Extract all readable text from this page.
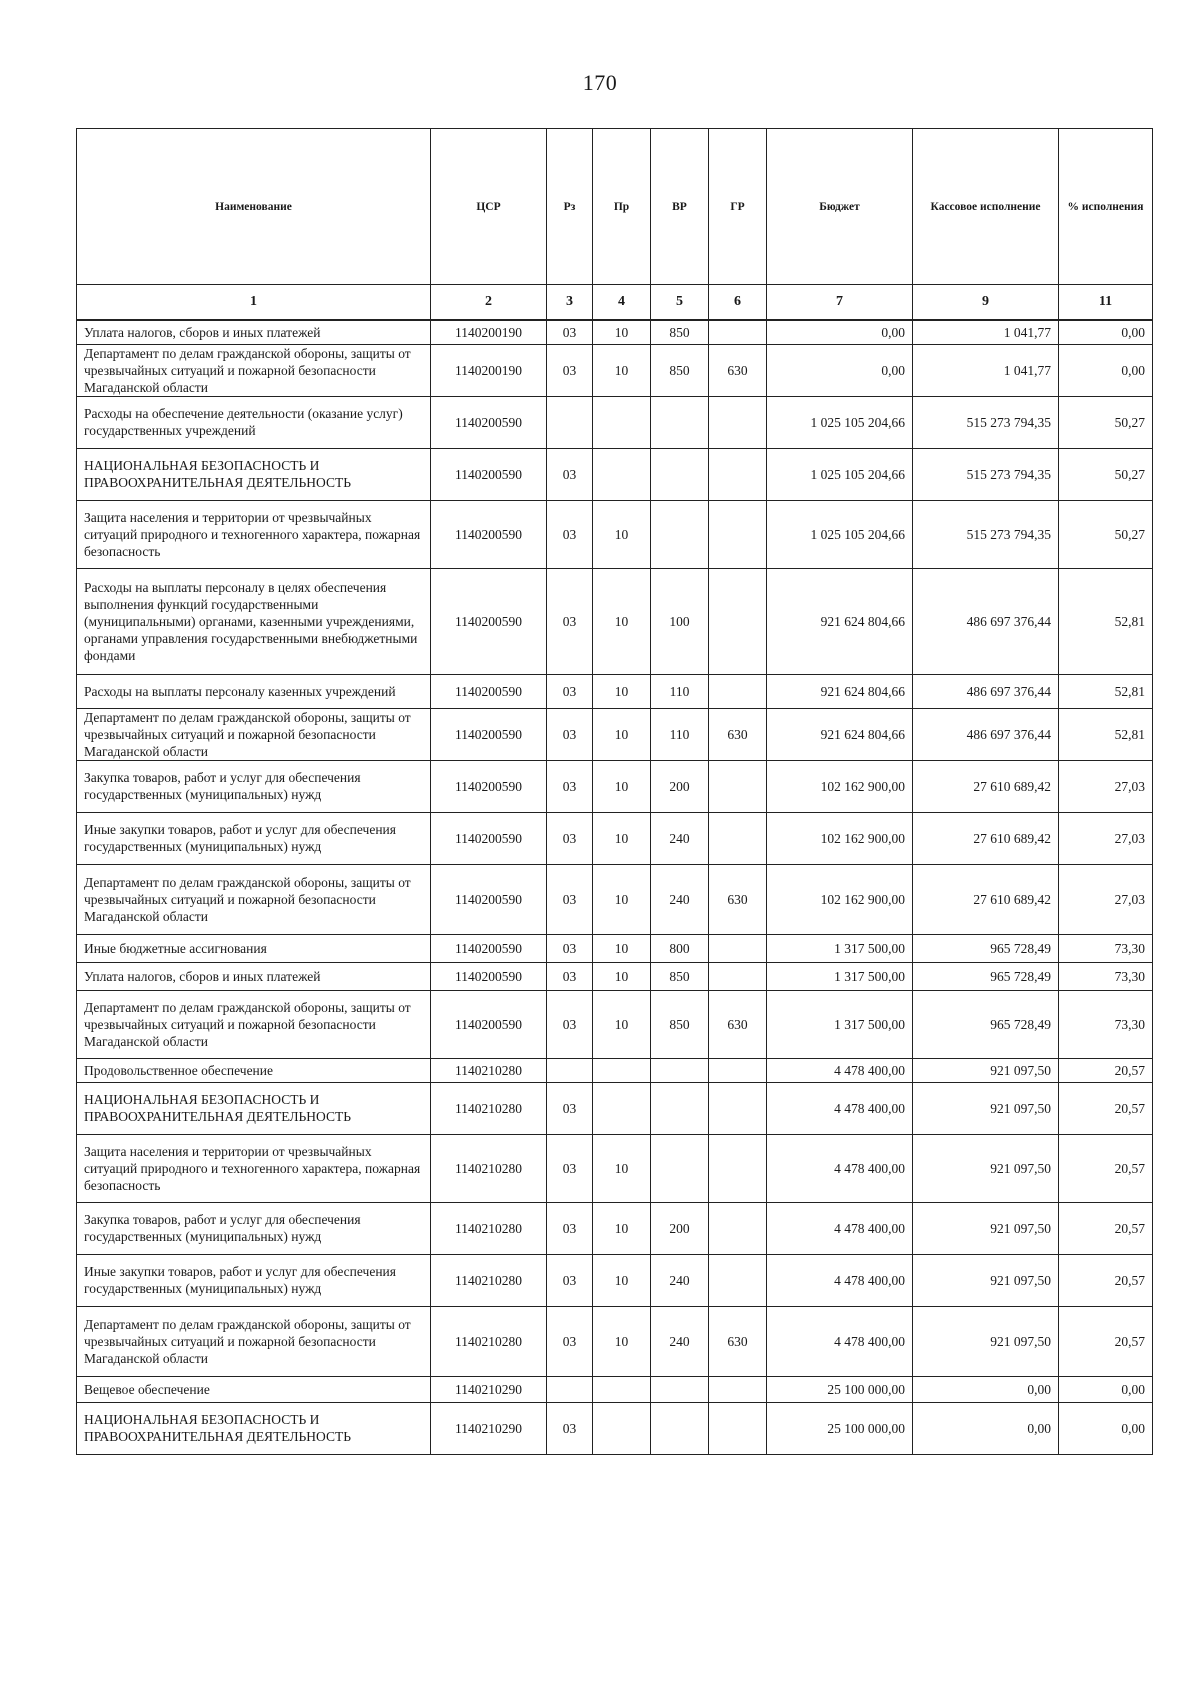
170
Наименование	ЦСР	Рз	Пр	ВР	ГР	Бюджет	Кассовое исполнение	% исполнения
1	2	3	4	5	6	7	9	11
Уплата налогов, сборов и иных платежей	1140200190	03	10	850		0,00	1 041,77	0,00
Департамент по делам гражданской обороны, защиты от чрезвычайных ситуаций и пожарной безопасности Магаданской области	1140200190	03	10	850	630	0,00	1 041,77	0,00
Расходы на обеспечение деятельности (оказание услуг) государственных учреждений	1140200590					1 025 105 204,66	515 273 794,35	50,27
НАЦИОНАЛЬНАЯ БЕЗОПАСНОСТЬ И ПРАВООХРАНИТЕЛЬНАЯ ДЕЯТЕЛЬНОСТЬ	1140200590	03				1 025 105 204,66	515 273 794,35	50,27
Защита населения и территории от чрезвычайных ситуаций природного и техногенного характера, пожарная безопасность	1140200590	03	10			1 025 105 204,66	515 273 794,35	50,27
Расходы на выплаты персоналу в целях обеспечения выполнения функций государственными (муниципальными) органами, казенными учреждениями, органами управления государственными внебюджетными фондами	1140200590	03	10	100		921 624 804,66	486 697 376,44	52,81
Расходы на выплаты персоналу казенных учреждений	1140200590	03	10	110		921 624 804,66	486 697 376,44	52,81
Департамент по делам гражданской обороны, защиты от чрезвычайных ситуаций и пожарной безопасности Магаданской области	1140200590	03	10	110	630	921 624 804,66	486 697 376,44	52,81
Закупка товаров, работ и услуг для обеспечения государственных (муниципальных) нужд	1140200590	03	10	200		102 162 900,00	27 610 689,42	27,03
Иные закупки товаров, работ и услуг для обеспечения государственных (муниципальных) нужд	1140200590	03	10	240		102 162 900,00	27 610 689,42	27,03
Департамент по делам гражданской обороны, защиты от чрезвычайных ситуаций и пожарной безопасности Магаданской области	1140200590	03	10	240	630	102 162 900,00	27 610 689,42	27,03
Иные бюджетные ассигнования	1140200590	03	10	800		1 317 500,00	965 728,49	73,30
Уплата налогов, сборов и иных платежей	1140200590	03	10	850		1 317 500,00	965 728,49	73,30
Департамент по делам гражданской обороны, защиты от чрезвычайных ситуаций и пожарной безопасности Магаданской области	1140200590	03	10	850	630	1 317 500,00	965 728,49	73,30
Продовольственное обеспечение	1140210280					4 478 400,00	921 097,50	20,57
НАЦИОНАЛЬНАЯ БЕЗОПАСНОСТЬ И ПРАВООХРАНИТЕЛЬНАЯ ДЕЯТЕЛЬНОСТЬ	1140210280	03				4 478 400,00	921 097,50	20,57
Защита населения и территории от чрезвычайных ситуаций природного и техногенного характера, пожарная безопасность	1140210280	03	10			4 478 400,00	921 097,50	20,57
Закупка товаров, работ и услуг для обеспечения государственных (муниципальных) нужд	1140210280	03	10	200		4 478 400,00	921 097,50	20,57
Иные закупки товаров, работ и услуг для обеспечения государственных (муниципальных) нужд	1140210280	03	10	240		4 478 400,00	921 097,50	20,57
Департамент по делам гражданской обороны, защиты от чрезвычайных ситуаций и пожарной безопасности Магаданской области	1140210280	03	10	240	630	4 478 400,00	921 097,50	20,57
Вещевое обеспечение	1140210290					25 100 000,00	0,00	0,00
НАЦИОНАЛЬНАЯ БЕЗОПАСНОСТЬ И ПРАВООХРАНИТЕЛЬНАЯ ДЕЯТЕЛЬНОСТЬ	1140210290	03				25 100 000,00	0,00	0,00
